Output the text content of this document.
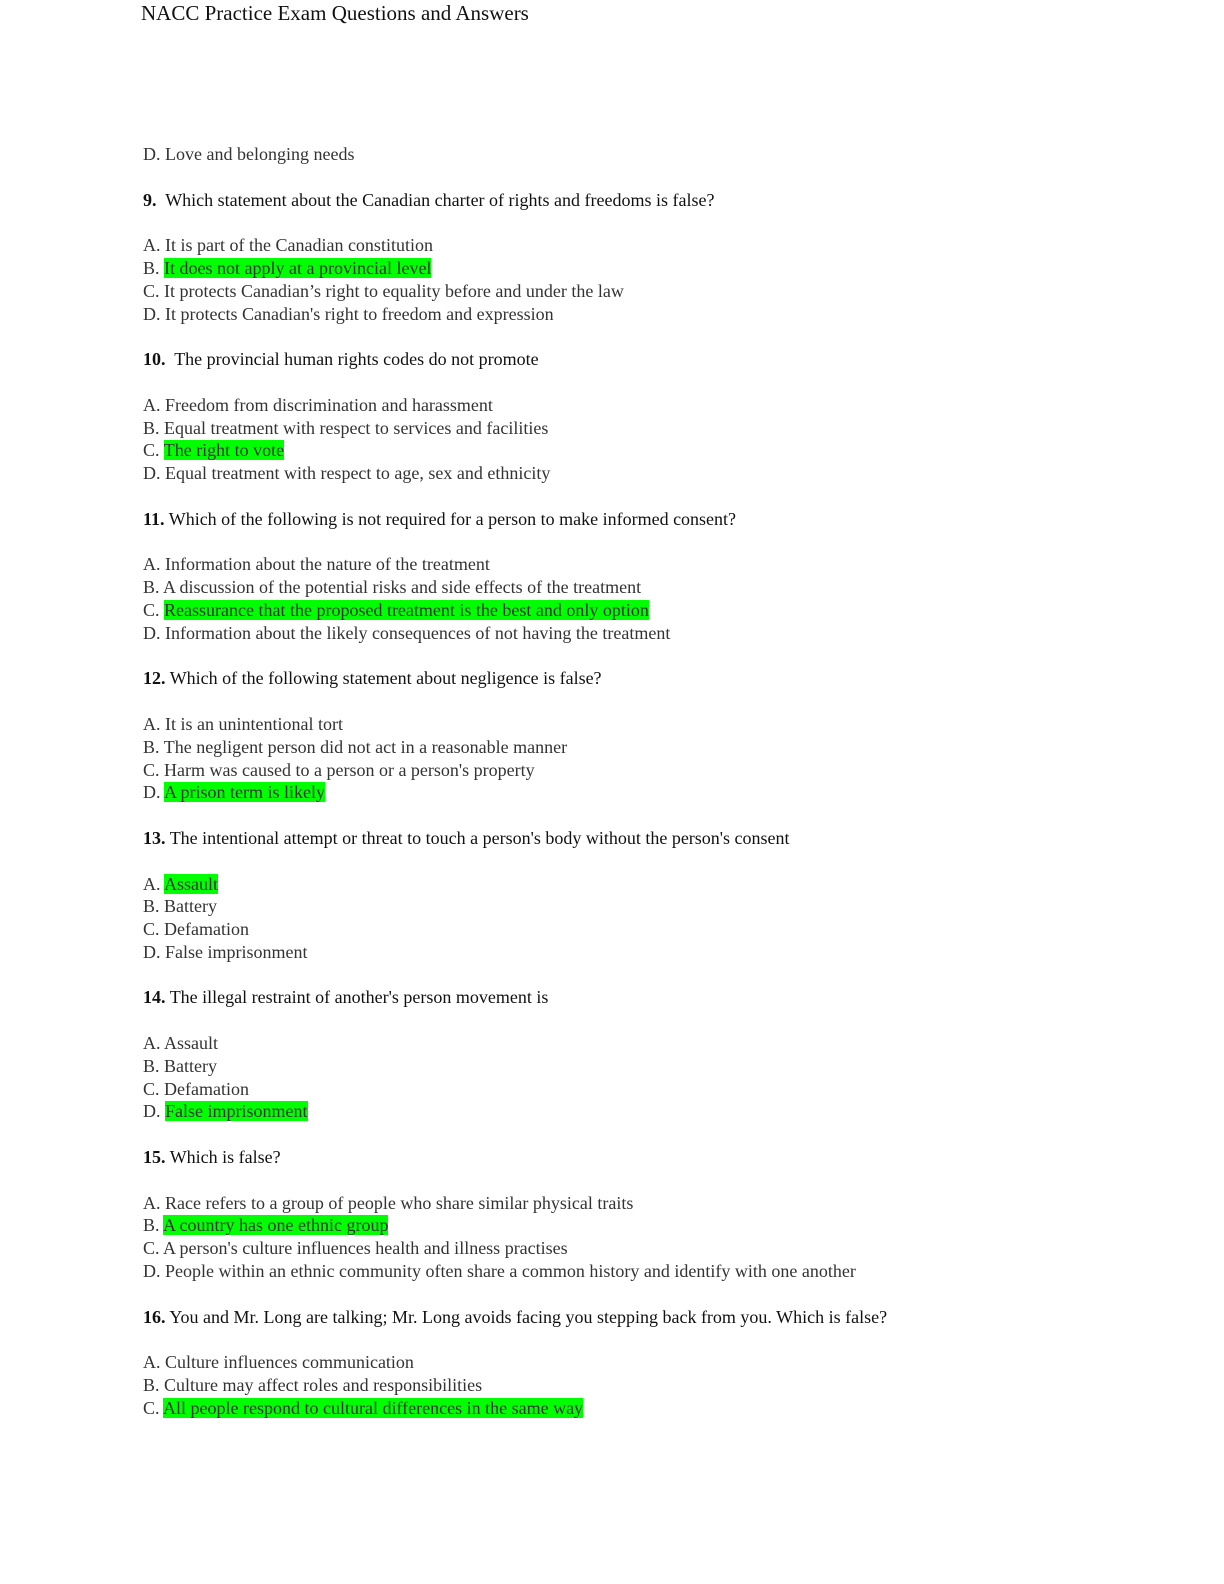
NACC Practice Exam Questions and Answers
D. Love and belonging needs
9. Which statement about the Canadian charter of rights and freedoms is false?
A. It is part of the Canadian constitution
B. It does not apply at a provincial level
C. It protects Canadian’s right to equality before and under the law
D. It protects Canadian's right to freedom and expression
10. The provincial human rights codes do not promote
A. Freedom from discrimination and harassment
B. Equal treatment with respect to services and facilities
C. The right to vote
D. Equal treatment with respect to age, sex and ethnicity
11. Which of the following is not required for a person to make informed consent?
A. Information about the nature of the treatment
B. A discussion of the potential risks and side effects of the treatment
C. Reassurance that the proposed treatment is the best and only option
D. Information about the likely consequences of not having the treatment
12. Which of the following statement about negligence is false?
A. It is an unintentional tort
B. The negligent person did not act in a reasonable manner
C. Harm was caused to a person or a person's property
D. A prison term is likely
13. The intentional attempt or threat to touch a person's body without the person's consent
A. Assault
B. Battery
C. Defamation
D. False imprisonment
14. The illegal restraint of another's person movement is
A. Assault
B. Battery
C. Defamation
D. False imprisonment
15. Which is false?
A. Race refers to a group of people who share similar physical traits
B. A country has one ethnic group
C. A person's culture influences health and illness practises
D. People within an ethnic community often share a common history and identify with one another
16. You and Mr. Long are talking; Mr. Long avoids facing you stepping back from you. Which is false?
A. Culture influences communication
B. Culture may affect roles and responsibilities
C. All people respond to cultural differences in the same way
